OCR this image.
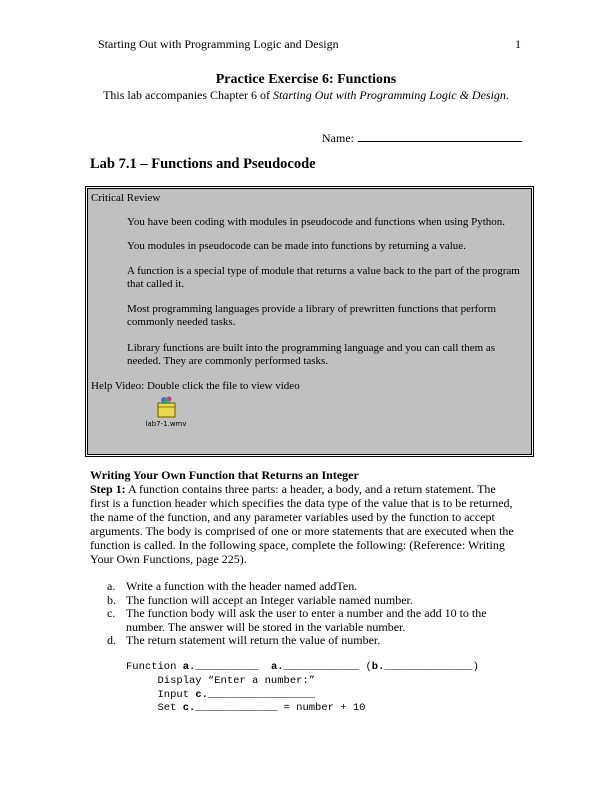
Starting Out with Programming Logic and Design	1
Practice Exercise 6: Functions
This lab accompanies Chapter 6 of Starting Out with Programming Logic & Design.
Name:
Lab 7.1 – Functions and Pseudocode
Critical Review
You have been coding with modules in pseudocode and functions when using Python.
You modules in pseudocode can be made into functions by returning a value.
A function is a special type of module that returns a value back to the part of the program that called it.
Most programming languages provide a library of prewritten functions that perform commonly needed tasks.
Library functions are built into the programming language and you can call them as needed. They are commonly performed tasks.
Help Video: Double click the file to view video
lab7-1.wmv
Writing Your Own Function that Returns an Integer
Step 1: A function contains three parts: a header, a body, and a return statement. The first is a function header which specifies the data type of the value that is to be returned, the name of the function, and any parameter variables used by the function to accept arguments. The body is comprised of one or more statements that are executed when the function is called. In the following space, complete the following: (Reference: Writing Your Own Functions, page 225).
a. Write a function with the header named addTen.
b. The function will accept an Integer variable named number.
c. The function body will ask the user to enter a number and the add 10 to the number. The answer will be stored in the variable number.
d. The return statement will return the value of number.
Function a.__________  a.____________ (b.______________)
Display “Enter a number:”
Input c._________________
Set c._____________ = number + 10
